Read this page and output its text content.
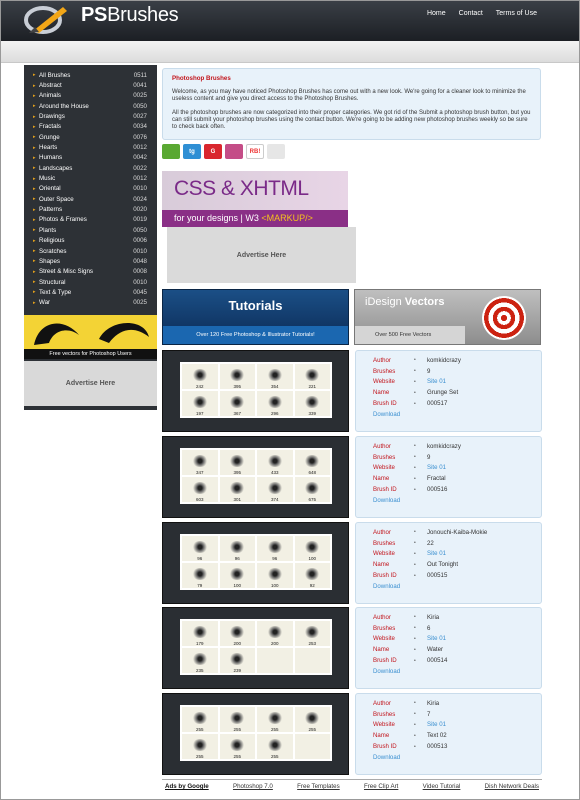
PSBrushes	Home Contact Terms of Use
▸ All Brushes	0511
▸ Abstract	0041
▸ Animals	0025
▸ Around the House	0050
▸ Drawings	0027
▸ Fractals	0034
▸ Grunge	0076
▸ Hearts	0012
▸ Humans	0042
▸ Landscapes	0022
▸ Music	0012
▸ Oriental	0010
▸ Outer Space	0024
▸ Patterns	0020
▸ Photos & Frames	0019
▸ Plants	0050
▸ Religious	0006
▸ Scratches	0010
▸ Shapes	0048
▸ Street & Misc Signs	0008
▸ Structural	0010
▸ Text & Type	0045
▸ War	0025
Free vectors for Photoshop Users
Advertise Here
Photoshop Brushes

Welcome, as you may have noticed Photoshop Brushes has come out with a new look. We're going for a cleaner look to minimize the useless content and give you direct access to the Photoshop Brushes.

All the photoshop brushes are now categorized into their proper categories. We got rid of the Submit a photoshop brush button, but you can still submit your photoshop brushes using the contact button. We're going to be adding new photoshop brushes weekly so be sure to check back often.

tg	G	RB!
CSS & XHTML
for your designs | W3 <MARKUP/>
Advertise Here
Tutorials
Over 120 Free Photoshop & Illustrator Tutorials!
iDesign Vectors
Over 500 Free Vectors
242	395	354	221
197	367	296	339
Author	•	komkidcrazy
Brushes	•	9
Website	•	Site 01
Name	•	Grunge Set
Brush ID	•	000517
Download
347	395	433	648
603	301	374	675
Author	•	komkidcrazy
Brushes	•	9
Website	•	Site 01
Name	•	Fractal
Brush ID	•	000516
Download
96	96	96	100
79	100	100	92
Author	•	Jonouchi-Kaiba-Mokie
Brushes	•	22
Website	•	Site 01
Name	•	Out Tonight
Brush ID	•	000515
Download
179	200	200	253
235	239
Author	•	Kiria
Brushes	•	6
Website	•	Site 01
Name	•	Water
Brush ID	•	000514
Download
255	255	255	255
255	255	255
Author	•	Kiria
Brushes	•	7
Website	•	Site 01
Name	•	Text 02
Brush ID	•	000513
Download
Ads by Google	Photoshop 7.0	Free Templates	Free Clip Art	Video Tutorial	Dish Network Deals
